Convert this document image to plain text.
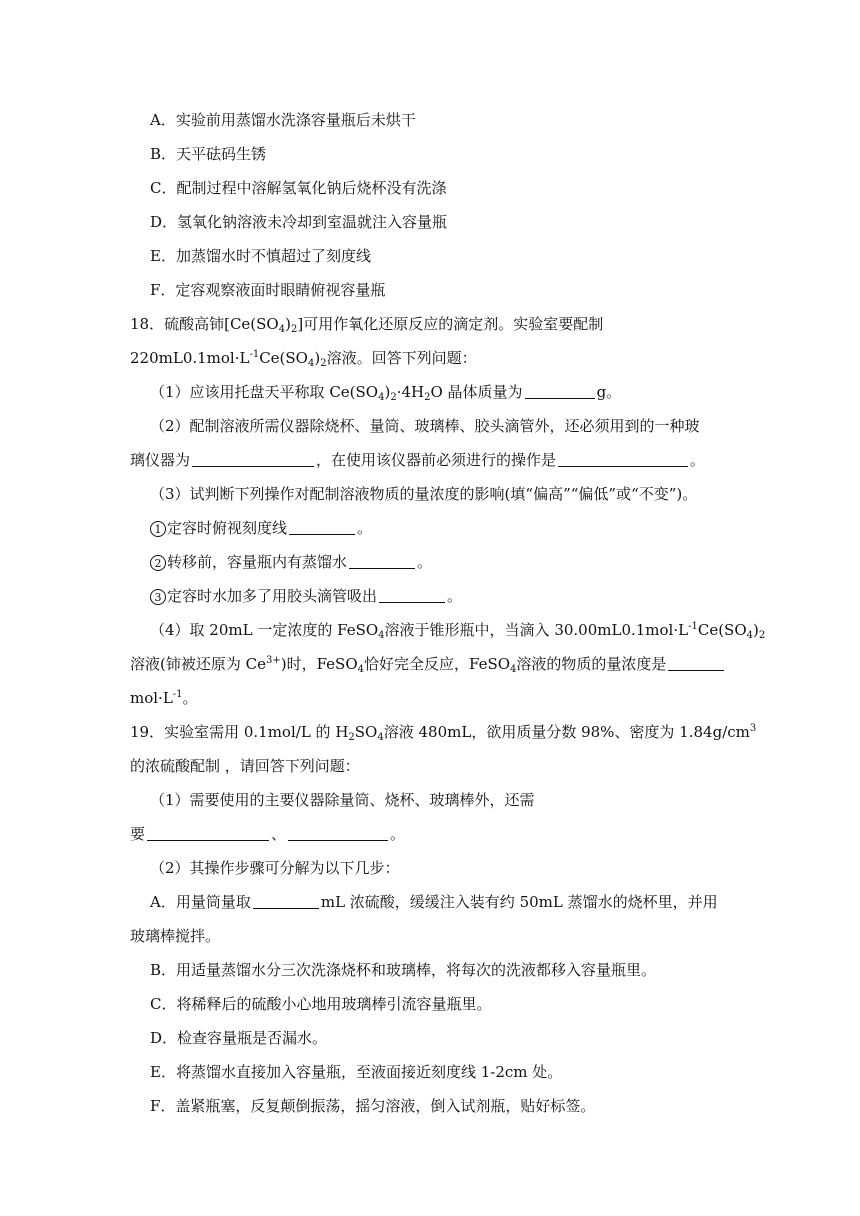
A．实验前用蒸馏水洗涤容量瓶后未烘干
B．天平砝码生锈
C．配制过程中溶解氢氧化钠后烧杯没有洗涤
D．氢氧化钠溶液未冷却到室温就注入容量瓶
E．加蒸馏水时不慎超过了刻度线
F．定容观察液面时眼睛俯视容量瓶
18．硫酸高铈$[Ce(SO_4)_2]$可用作氧化还原反应的滴定剂。实验室要配制
$220mL0.1mol\cdot L^{-1}Ce(SO_4)_2$溶液。回答下列问题：
（1）应该用托盘天平称取 $Ce(SO_4)_2\cdot 4H_2O$ 晶体质量为	g。
（2）配制溶液所需仪器除烧杯、量筒、玻璃棒、胶头滴管外，还必须用到的一种玻
璃仪器为	，在使用该仪器前必须进行的操作是	。
（3）试判断下列操作对配制溶液物质的量浓度的影响(填“偏高”“偏低”或“不变”)。
1 定容时俯视刻度线	。
2 转移前，容量瓶内有蒸馏水	。
3 定容时水加多了用胶头滴管吸出	。
（4）取 20mL 一定浓度的 FeSO$_4$溶液于锥形瓶中，当滴入 $30.00mL0.1mol\cdot L^{-1}Ce(SO_4)_2$
溶液(铈被还原为 $Ce^{3+}$)时，FeSO$_4$恰好完全反应，FeSO$_4$溶液的物质的量浓度是
$mol\cdot L^{-1}$。
19．实验室需用 0.1mol/L 的 $H_2SO_4$溶液 480mL，欲用质量分数 98%、密度为 $1.84g/cm^3$
的浓硫酸配制 ，请回答下列问题：
（1）需要使用的主要仪器除量筒、烧杯、玻璃棒外，还需
要	、	。
（2）其操作步骤可分解为以下几步：
A．用量筒量取	mL 浓硫酸，缓缓注入装有约 50mL 蒸馏水的烧杯里，并用
玻璃棒搅拌。
B．用适量蒸馏水分三次洗涤烧杯和玻璃棒，将每次的洗液都移入容量瓶里。
C．将稀释后的硫酸小心地用玻璃棒引流容量瓶里。
D．检查容量瓶是否漏水。
E．将蒸馏水直接加入容量瓶，至液面接近刻度线 1-2cm 处。
F．盖紧瓶塞，反复颠倒振荡，摇匀溶液，倒入试剂瓶，贴好标签。
